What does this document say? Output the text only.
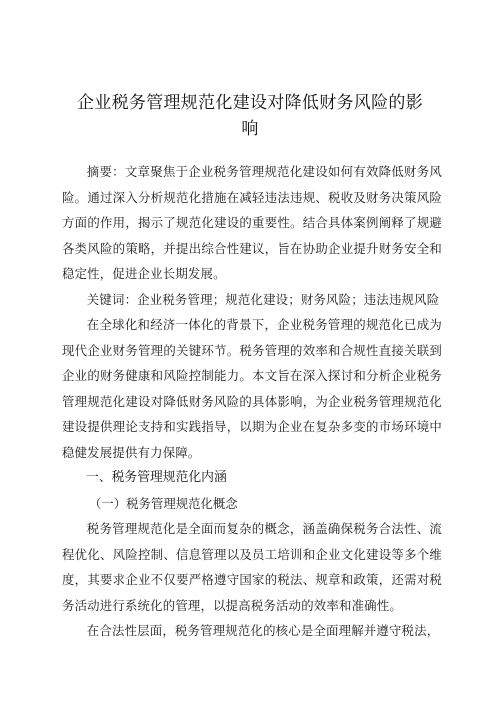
企业税务管理规范化建设对降低财务风险的影
响

摘要：文章聚焦于企业税务管理规范化建设如何有效降低财务风险。通过深入分析规范化措施在减轻违法违规、税收及财务决策风险方面的作用，揭示了规范化建设的重要性。结合具体案例阐释了规避各类风险的策略，并提出综合性建议，旨在协助企业提升财务安全和稳定性，促进企业长期发展。

关键词：企业税务管理；规范化建设；财务风险；违法违规风险

在全球化和经济一体化的背景下，企业税务管理的规范化已成为现代企业财务管理的关键环节。税务管理的效率和合规性直接关联到企业的财务健康和风险控制能力。本文旨在深入探讨和分析企业税务管理规范化建设对降低财务风险的具体影响，为企业税务管理规范化建设提供理论支持和实践指导，以期为企业在复杂多变的市场环境中稳健发展提供有力保障。

一、税务管理规范化内涵

（一）税务管理规范化概念

税务管理规范化是全面而复杂的概念，涵盖确保税务合法性、流程优化、风险控制、信息管理以及员工培训和企业文化建设等多个维度，其要求企业不仅要严格遵守国家的税法、规章和政策，还需对税务活动进行系统化的管理，以提高税务活动的效率和准确性。

在合法性层面，税务管理规范化的核心是全面理解并遵守税法，
